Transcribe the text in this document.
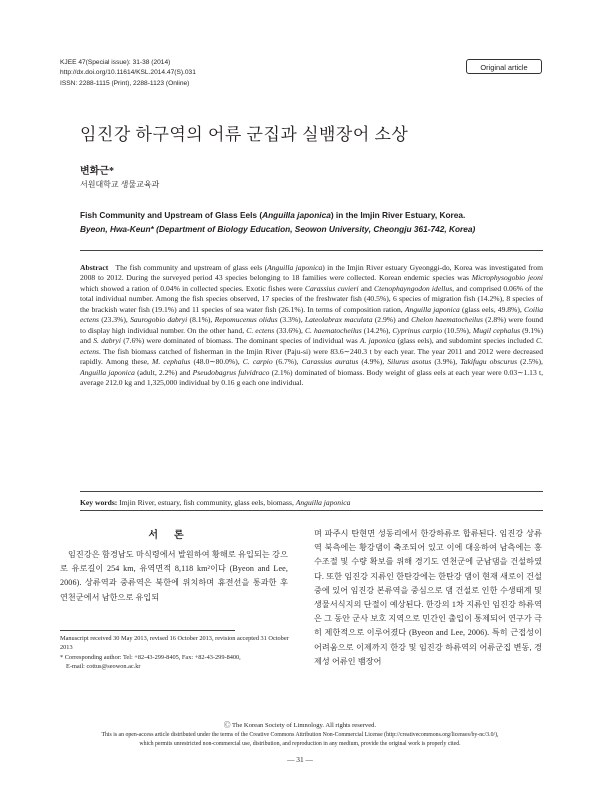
KJEE 47(Special issue): 31-38 (2014)
http://dx.doi.org/10.11614/KSL.2014.47(S).031
ISSN: 2288-1115 (Print), 2288-1123 (Online)
Original article
임진강 하구역의 어류 군집과 실뱀장어 소상
변화근*
서원대학교 생물교육과
Fish Community and Upstream of Glass Eels (Anguilla japonica) in the Imjin River Estuary, Korea.
Byeon, Hwa-Keun* (Department of Biology Education, Seowon University, Cheongju 361-742, Korea)
Abstract The fish community and upstream of glass eels (Anguilla japonica) in the Imjin River estuary Gyeonggi-do, Korea was investigated from 2008 to 2012. During the surveyed period 43 species belonging to 18 families were collected. Korean endemic species was Microphysogobio jeoni which showed a ration of 0.04% in collected species. Exotic fishes were Carassius cuvieri and Ctenophayngodon idellus, and comprised 0.06% of the total individual number. Among the fish species observed, 17 species of the freshwater fish (40.5%), 6 species of migration fish (14.2%), 8 species of the brackish water fish (19.1%) and 11 species of sea water fish (26.1%). In terms of composition ration, Anguilla japonica (glass eels, 49.8%), Coilia ectens (23.3%), Saurogobio dabryi (8.1%), Repomucenus olidus (3.3%), Lateolabrax maculata (2.9%) and Chelon haematocheilus (2.8%) were found to display high individual number. On the other hand, C. ectens (33.6%), C. haematocheilus (14.2%), Cyprinus carpio (10.5%), Mugil cephalus (9.1%) and S. dabryi (7.6%) were dominated of biomass. The dominant species of individual was A. japonica (glass eels), and subdomint species included C. ectens. The fish biomass catched of fisherman in the Imjin River (Paju-si) were 83.6∼240.3 t by each year. The year 2011 and 2012 were decreased rapidly. Among these, M. cephalus (48.0∼80.0%), C. carpio (6.7%), Carassius auratus (4.9%), Silurus asotus (3.9%), Takifugu obscurus (2.5%), Anguilla japonica (adult, 2.2%) and Pseudobagrus fulvidraco (2.1%) dominated of biomass. Body weight of glass eels at each year were 0.03∼1.13 t, average 212.0 kg and 1,325,000 individual by 0.16 g each one individual.
Key words: Imjin River, estuary, fish community, glass eels, biomass, Anguilla japonica
서론
임진강은 함경남도 마식령에서 발원하여 황해로 유입되는 강으로 유로길이 254 km, 유역면적 8,118 km²이다 (Byeon and Lee, 2006). 상류역과 중류역은 북한에 위치하며 휴전선을 통과한 후 연천군에서 남한으로 유입되
며 파주시 탄현면 성동리에서 한강하류로 합류된다. 임진강 상류역 북측에는 황강댐이 축조되어 있고 이에 대응하여 남측에는 홍수조절 및 수량 확보를 위해 경기도 연천군에 군남댐을 건설하였다. 또한 임진강 지류인 한탄강에는 한탄강 댐이 현재 새로이 건설 중에 있어 임진강 본류역을 중심으로 댐 건설로 인한 수생태계 및 생물서식지의 단절이 예상된다. 한강의 1차 지류인 임진강 하류역은 그 동안 군사 보호 지역으로 민간인 출입이 통제되어 연구가 극히 제한적으로 이루어졌다 (Byeon and Lee, 2006). 특히 근접성이 어려움으로 이제까지 한강 및 임진강 하류역의 어류군집 변동, 경제성 어류인 뱀장어
Manuscript received 30 May 2013, revised 16 October 2013, revision accepted 31 October 2013
* Corresponding author: Tel: +82-43-299-8405, Fax: +82-43-299-8400,
E-mail: cottus@seowon.ac.kr
Ⓒ The Korean Society of Limnology. All rights reserved.
This is an open-access article distributed under the terms of the Creative Commons Attribution Non-Commercial License (http://creativecommons.org/licenses/by-nc/3.0/),
which permits unrestricted non-commercial use, distribution, and reproduction in any medium, provide the original work is properly cited.
— 31 —
